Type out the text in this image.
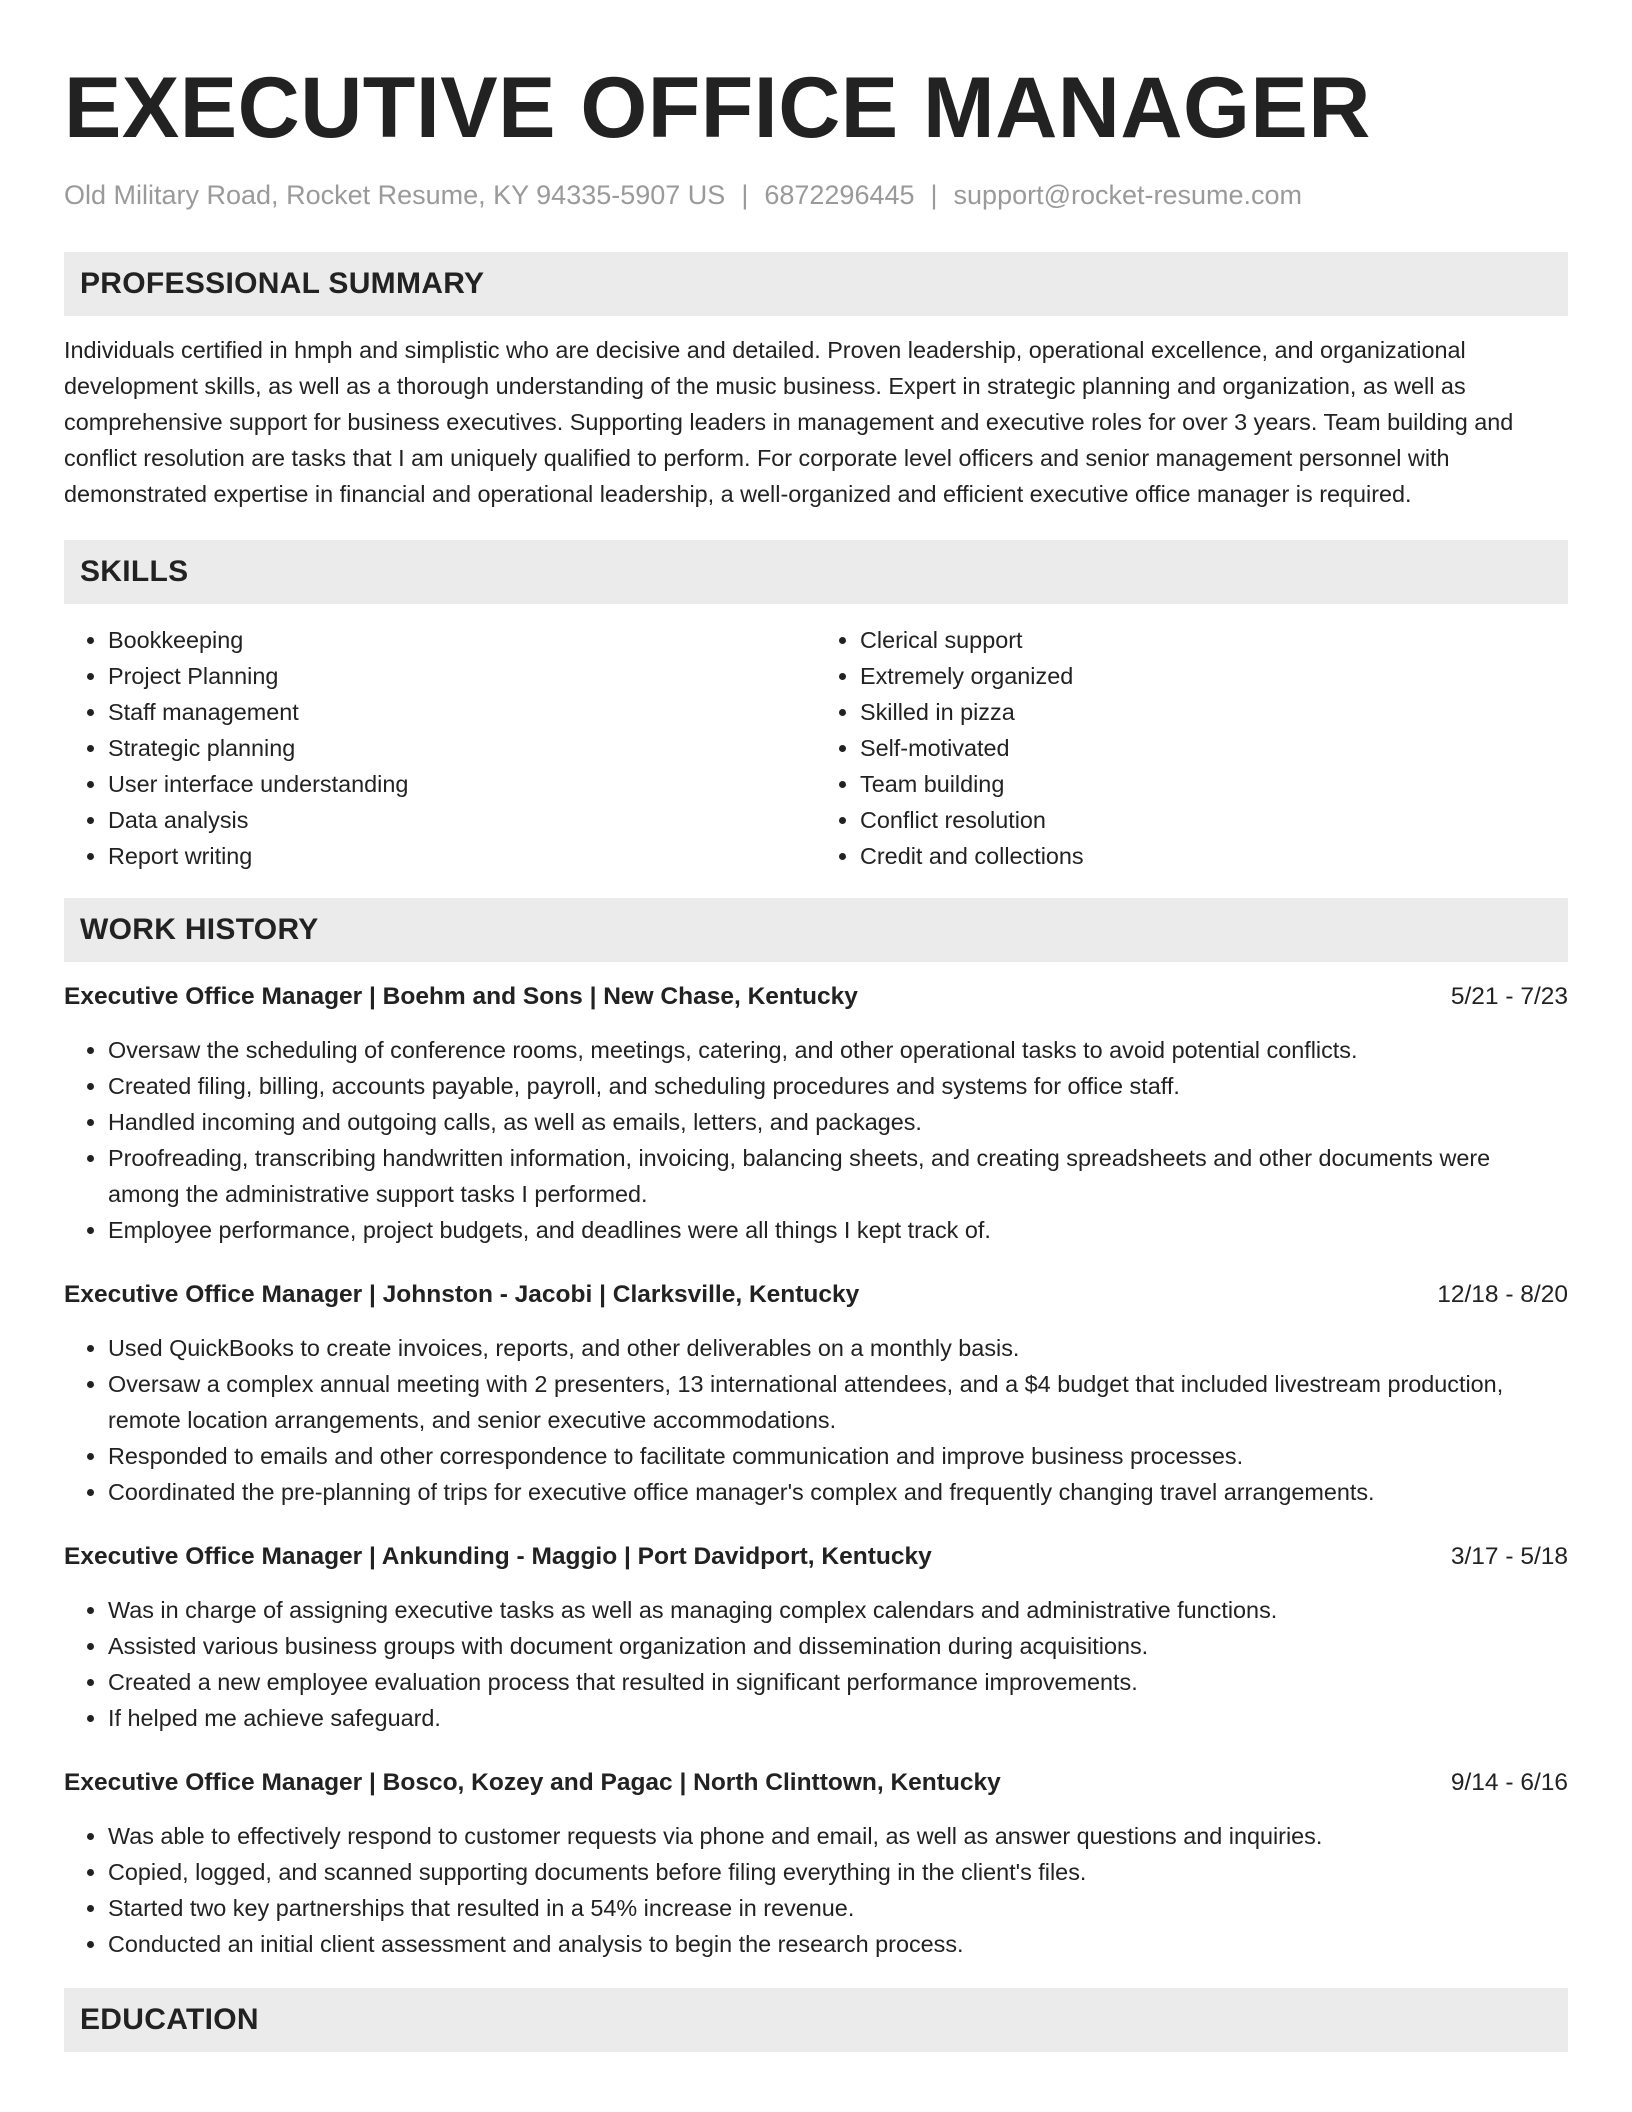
EXECUTIVE OFFICE MANAGER
Old Military Road, Rocket Resume, KY 94335-5907 US | 6872296445 | support@rocket-resume.com
PROFESSIONAL SUMMARY

Individuals certified in hmph and simplistic who are decisive and detailed. Proven leadership, operational excellence, and organizational development skills, as well as a thorough understanding of the music business. Expert in strategic planning and organization, as well as comprehensive support for business executives. Supporting leaders in management and executive roles for over 3 years. Team building and conflict resolution are tasks that I am uniquely qualified to perform. For corporate level officers and senior management personnel with demonstrated expertise in financial and operational leadership, a well-organized and efficient executive office manager is required.

SKILLS
• Bookkeeping
• Project Planning
• Staff management
• Strategic planning
• User interface understanding
• Data analysis
• Report writing
• Clerical support
• Extremely organized
• Skilled in pizza
• Self-motivated
• Team building
• Conflict resolution
• Credit and collections
WORK HISTORY
Executive Office Manager | Boehm and Sons | New Chase, Kentucky	5/21 - 7/23
• Oversaw the scheduling of conference rooms, meetings, catering, and other operational tasks to avoid potential conflicts.
• Created filing, billing, accounts payable, payroll, and scheduling procedures and systems for office staff.
• Handled incoming and outgoing calls, as well as emails, letters, and packages.
• Proofreading, transcribing handwritten information, invoicing, balancing sheets, and creating spreadsheets and other documents were among the administrative support tasks I performed.
• Employee performance, project budgets, and deadlines were all things I kept track of.
Executive Office Manager | Johnston - Jacobi | Clarksville, Kentucky	12/18 - 8/20
• Used QuickBooks to create invoices, reports, and other deliverables on a monthly basis.
• Oversaw a complex annual meeting with 2 presenters, 13 international attendees, and a $4 budget that included livestream production, remote location arrangements, and senior executive accommodations.
• Responded to emails and other correspondence to facilitate communication and improve business processes.
• Coordinated the pre-planning of trips for executive office manager's complex and frequently changing travel arrangements.
Executive Office Manager | Ankunding - Maggio | Port Davidport, Kentucky	3/17 - 5/18
• Was in charge of assigning executive tasks as well as managing complex calendars and administrative functions.
• Assisted various business groups with document organization and dissemination during acquisitions.
• Created a new employee evaluation process that resulted in significant performance improvements.
• If helped me achieve safeguard.
Executive Office Manager | Bosco, Kozey and Pagac | North Clinttown, Kentucky	9/14 - 6/16
• Was able to effectively respond to customer requests via phone and email, as well as answer questions and inquiries.
• Copied, logged, and scanned supporting documents before filing everything in the client's files.
• Started two key partnerships that resulted in a 54% increase in revenue.
• Conducted an initial client assessment and analysis to begin the research process.
EDUCATION
